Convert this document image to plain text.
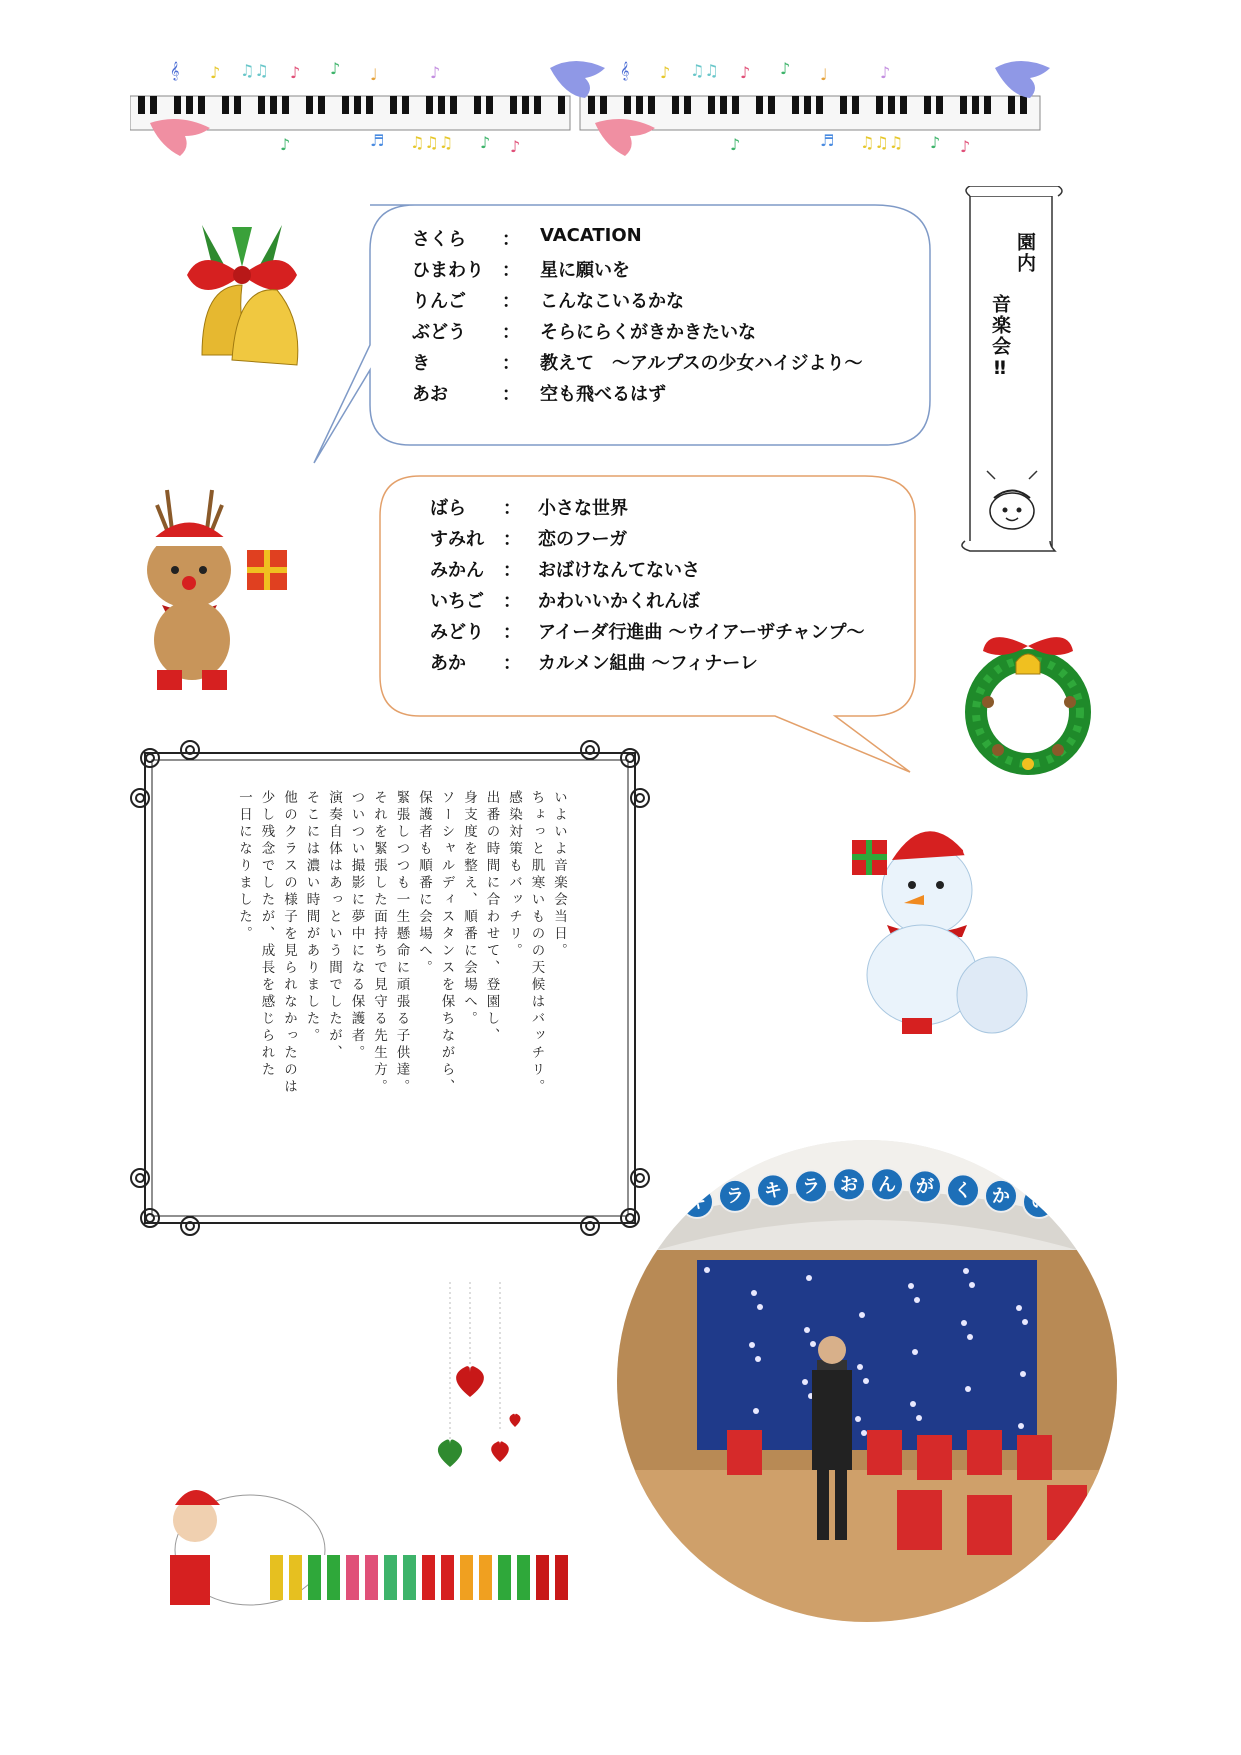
𝄞 ♪ ♫♫ ♪ ♪ ♩	♪
♬ ♫♫♫ ♪ ♪
♪
𝄞 ♪ ♫♫ ♪ ♪ ♩	♪
♬ ♫♫♫ ♪ ♪
♪
さくら ： VACATION
ひまわり ： 星に願いを
りんご ： こんなこいるかな
ぶどう ： そらにらくがきかきたいな
き	： 教えて　〜アルプスの少女ハイジより〜
あお	： 空も飛べるはず
園内
音楽会‼
ばら ： 小さな世界
すみれ ： 恋のフーガ
みかん ： おばけなんてないさ
いちご ： かわいいかくれんぼ
みどり ： アイーダ行進曲 〜ウイアーザチャンプ〜
あか ： カルメン組曲 〜フィナーレ

いよいよ音楽会当日。

ちょっと肌寒いものの天候はバッチリ。

感染対策もバッチリ。

出番の時間に合わせて、登園し、

身支度を整え、順番に会場へ。

ソーシャルディスタンスを保ちながら、

保護者も順番に会場へ。

緊張しつつも一生懸命に頑張る子供達。

それを緊張した面持ちで見守る先生方。

ついつい撮影に夢中になる保護者。

演奏自体はあっという間でしたが、

そこには濃い時間がありました。

他のクラスの様子を見られなかったのは

少し残念でしたが、成長を感じられた

一日になりました。

キ ラ キ ラ お ん が く か い
